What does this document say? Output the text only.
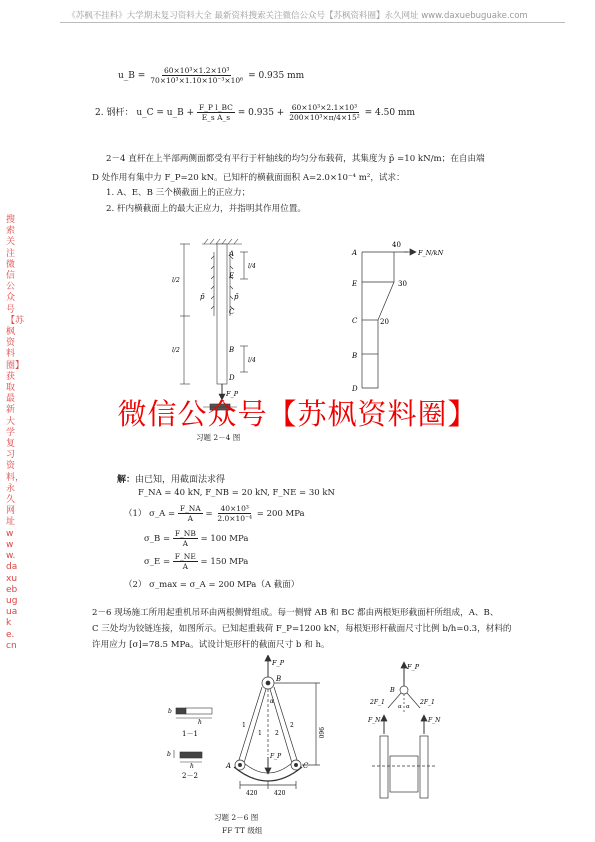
《苏枫不挂科》大学期末复习资料大全 最新资料搜索关注微信公众号【苏枫资料圈】永久网址 www.daxuebuguake.com
搜索关注微信公众号【苏枫资料圈】获取最新大学复习资料，永久网址 www.daxuebuguake.cn
u_B = $\frac{\text{60×10³×1.2×10³}}{\text{70×10³×1.10×10⁻³×10⁶}} = 0.935$ mm
2. 钢杆： u_C = u_B + $\frac{\text{F\_P l\_BC}}{\text{E\_s A\_s}} = 0.935 + \frac{\text{60×10³×2.1×10³}}{\text{200×10³×π/4×15²}} = 4.50$ mm
2－4 直杆在上半部两侧面都受有平行于杆轴线的均匀分布载荷，其集度为 p̄ =10 kN/m；在自由端
D 处作用有集中力 F_P=20 kN。已知杆的横截面面积 A=2.0×10⁻⁴ m²，试求：
1. A、E、B 三个横截面上的正应力；
2. 杆内横截面上的最大正应力，并指明其作用位置。
A
E
C
B
D
p̄	p̄
F_P
l/2
l/2
l/4
l/4
A
E
C
B
D
40
30
20
F_N/kN
微信公众号【苏枫资料圈】
习题 2－4 图
解：由已知，用截面法求得
F_NA = 40 kN, F_NB = 20 kN, F_NE = 30 kN
（1） σ_A = $\frac{F\_NA}{A} = \frac{\text{40×10³}}{\text{2.0×10⁻⁴}} = 200$ MPa
σ_B = $\frac{F\_NB}{A} = 100$ MPa
σ_E = $\frac{F\_NE}{A} = 150$ MPa
（2） σ_max = σ_A = 200 MPa（A 截面）
2－6 现场施工所用起重机吊环由两根侧臂组成。每一侧臂 AB 和 BC 都由两根矩形截面杆所组成，A、B、
C 三处均为铰链连接，如图所示。已知起重载荷 F_P=1200 kN，每根矩形杆截面尺寸比例 b/h=0.3，材料的
许用应力 [σ]=78.5 MPa。试设计矩形杆的截面尺寸 b 和 h。
h
b
1－1
h
b
2－2
F_P
B
A	C
F_P
1
1 2
2
α
960
420	420
F_P
B
2F_1	2F_1
α α
F_N	F_N
习题 2－6 图
FF TT 级组
